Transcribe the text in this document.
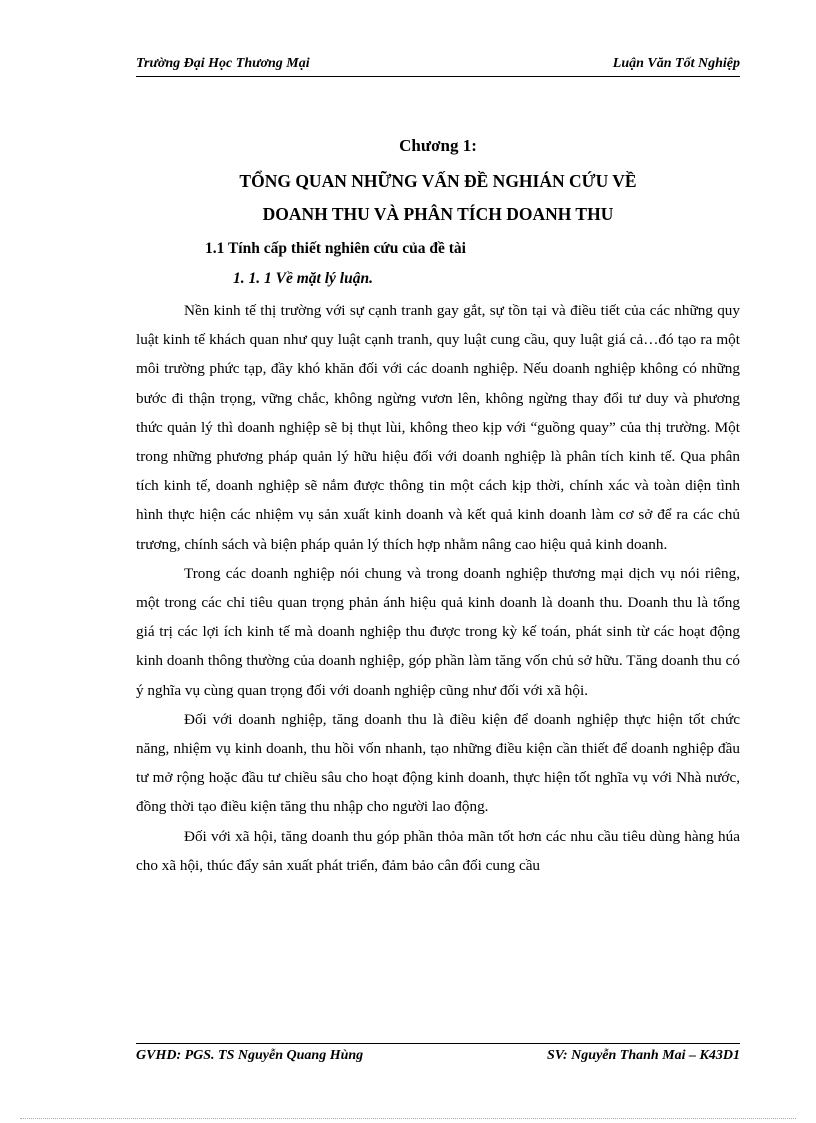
Trường Đại Học Thương Mại	Luận Văn Tốt Nghiệp
Chương 1:
TỔNG QUAN NHỮNG VẤN ĐỀ NGHIÁN CỨU VỀ
DOANH THU VÀ PHÂN TÍCH DOANH THU
1.1 Tính cấp thiết nghiên cứu của đề tài
1. 1. 1 Về mặt lý luận.

Nền kinh tế thị trường với sự cạnh tranh gay gắt, sự tồn tại và điều tiết của các những quy luật kinh tế khách quan như quy luật cạnh tranh, quy luật cung cầu, quy luật giá cả…đó tạo ra một môi trường phức tạp, đầy khó khăn đối với các doanh nghiệp. Nếu doanh nghiệp không có những bước đi thận trọng, vững chắc, không ngừng vươn lên, không ngừng thay đổi tư duy và phương thức quản lý thì doanh nghiệp sẽ bị thụt lùi, không theo kịp với “guồng quay” của thị trường. Một trong những phương pháp quản lý hữu hiệu đối với doanh nghiệp là phân tích kinh tế. Qua phân tích kinh tế, doanh nghiệp sẽ nắm được thông tin một cách kịp thời, chính xác và toàn diện tình hình thực hiện các nhiệm vụ sản xuất kinh doanh và kết quả kinh doanh làm cơ sở để ra các chủ trương, chính sách và biện pháp quản lý thích hợp nhằm nâng cao hiệu quả kinh doanh.

Trong các doanh nghiệp nói chung và trong doanh nghiệp thương mại dịch vụ nói riêng, một trong các chỉ tiêu quan trọng phản ánh hiệu quả kinh doanh là doanh thu. Doanh thu là tổng giá trị các lợi ích kinh tế mà doanh nghiệp thu được trong kỳ kế toán, phát sinh từ các hoạt động kinh doanh thông thường của doanh nghiệp, góp phần làm tăng vốn chủ sở hữu. Tăng doanh thu có ý nghĩa vụ cùng quan trọng đối với doanh nghiệp cũng như đối với xã hội.

Đối với doanh nghiệp, tăng doanh thu là điều kiện để doanh nghiệp thực hiện tốt chức năng, nhiệm vụ kinh doanh, thu hồi vốn nhanh, tạo những điều kiện cần thiết để doanh nghiệp đầu tư mở rộng hoặc đầu tư chiều sâu cho hoạt động kinh doanh, thực hiện tốt nghĩa vụ với Nhà nước, đồng thời tạo điều kiện tăng thu nhập cho người lao động.

Đối với xã hội, tăng doanh thu góp phần thỏa mãn tốt hơn các nhu cầu tiêu dùng hàng húa cho xã hội, thúc đẩy sản xuất phát triển, đảm bảo cân đối cung cầu

GVHD: PGS. TS Nguyễn Quang Hùng	SV: Nguyễn Thanh Mai – K43D1
